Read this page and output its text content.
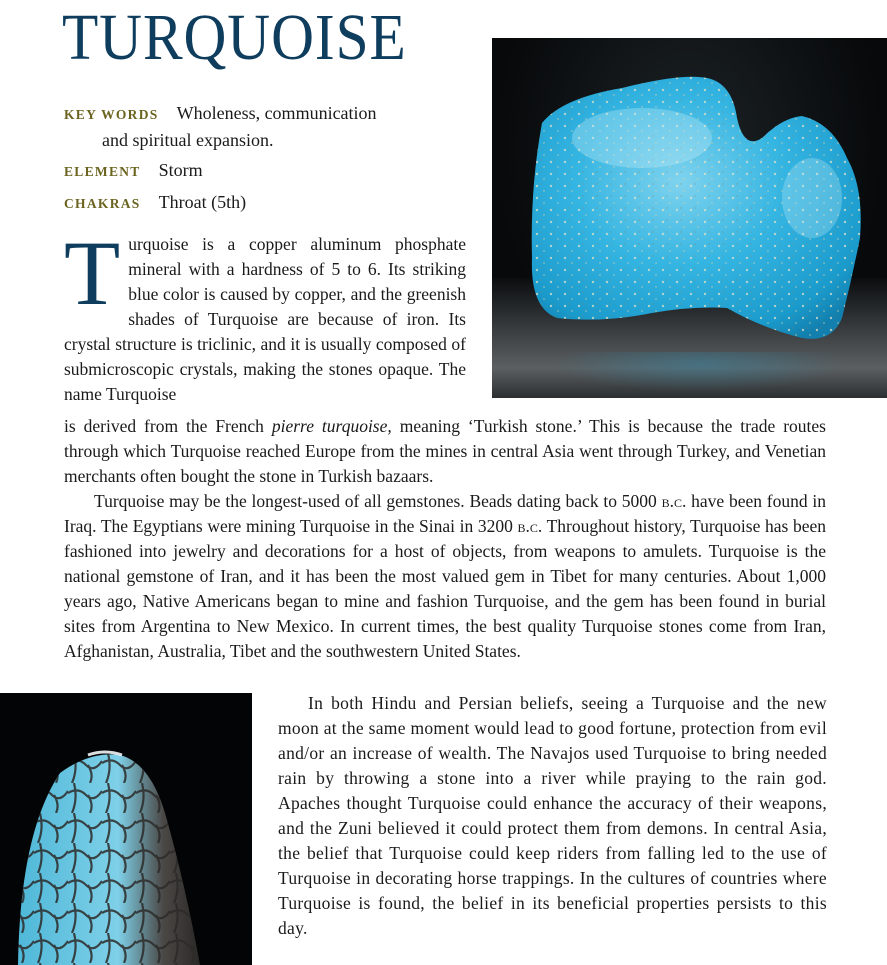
TURQUOISE
KEY WORDS Wholeness, communication
and spiritual expansion.
ELEMENT Storm
CHAKRAS Throat (5th)

Turquoise is a copper aluminum phosphate mineral with a hardness of 5 to 6. Its striking blue color is caused by copper, and the greenish shades of Turquoise are because of iron. Its crystal structure is triclinic, and it is usually composed of submicroscopic crystals, making the stones opaque. The name Turquoise

is derived from the French pierre turquoise, meaning ‘Turkish stone.’ This is because the trade routes through which Turquoise reached Europe from the mines in central Asia went through Turkey, and Venetian merchants often bought the stone in Turkish bazaars.

Turquoise may be the longest-used of all gemstones. Beads dating back to 5000 b.c. have been found in Iraq. The Egyptians were mining Turquoise in the Sinai in 3200 b.c. Throughout history, Turquoise has been fashioned into jewelry and decorations for a host of objects, from weapons to amulets. Turquoise is the national gemstone of Iran, and it has been the most valued gem in Tibet for many centuries. About 1,000 years ago, Native Americans began to mine and fashion Turquoise, and the gem has been found in burial sites from Argentina to New Mexico. In current times, the best quality Turquoise stones come from Iran, Afghanistan, Australia, Tibet and the southwestern United States.

In both Hindu and Persian beliefs, seeing a Turquoise and the new moon at the same moment would lead to good fortune, protection from evil and/or an increase of wealth. The Navajos used Turquoise to bring needed rain by throwing a stone into a river while praying to the rain god. Apaches thought Turquoise could enhance the accuracy of their weapons, and the Zuni believed it could protect them from demons. In central Asia, the belief that Turquoise could keep riders from falling led to the use of Turquoise in decorating horse trappings. In the cultures of countries where Turquoise is found, the belief in its beneficial properties persists to this day.
